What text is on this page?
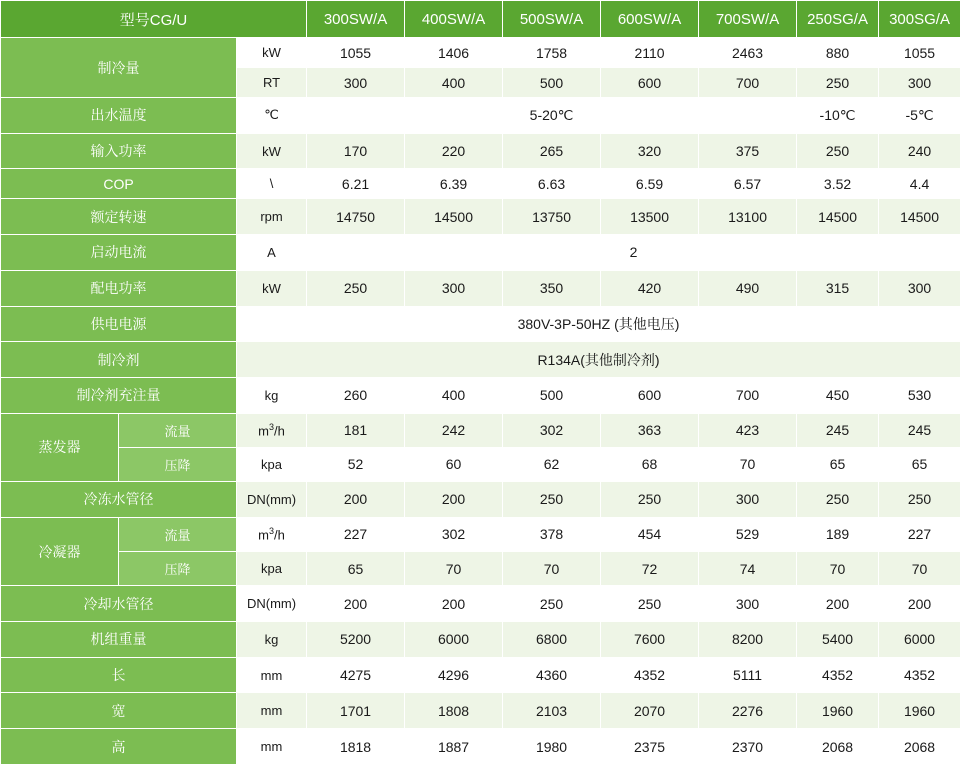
型号CG/U			300SW/A	400SW/A	500SW/A	600SW/A	700SW/A	250SG/A	300SG/A
制冷量		kW	1055	1406	1758	2110	2463	880	1055
		RT	300	400	500	600	700	250	300
出水温度		℃	5-20℃					-10℃	-5℃
输入功率		kW	170	220	265	320	375	250	240
COP		\	6.21	6.39	6.63	6.59	6.57	3.52	4.4
额定转速		rpm	14750	14500	13750	13500	13100	14500	14500
启动电流		A	2						
配电功率		kW	250	300	350	420	490	315	300
供电电源		380V-3P-50HZ (其他电压)							
制冷剂		R134A(其他制冷剂)							
制冷剂充注量		kg	260	400	500	600	700	450	530
蒸发器	流量	$m^3/h$	181	242	302	363	423	245	245
	压降	kpa	52	60	62	68	70	65	65
冷冻水管径		DN(mm)	200	200	250	250	300	250	250
冷凝器	流量	$m^3/h$	227	302	378	454	529	189	227
	压降	kpa	65	70	70	72	74	70	70
冷却水管径		DN(mm)	200	200	250	250	300	200	200
机组重量		kg	5200	6000	6800	7600	8200	5400	6000
长		mm	4275	4296	4360	4352	5111	4352	4352
宽		mm	1701	1808	2103	2070	2276	1960	1960
高		mm	1818	1887	1980	2375	2370	2068	2068
